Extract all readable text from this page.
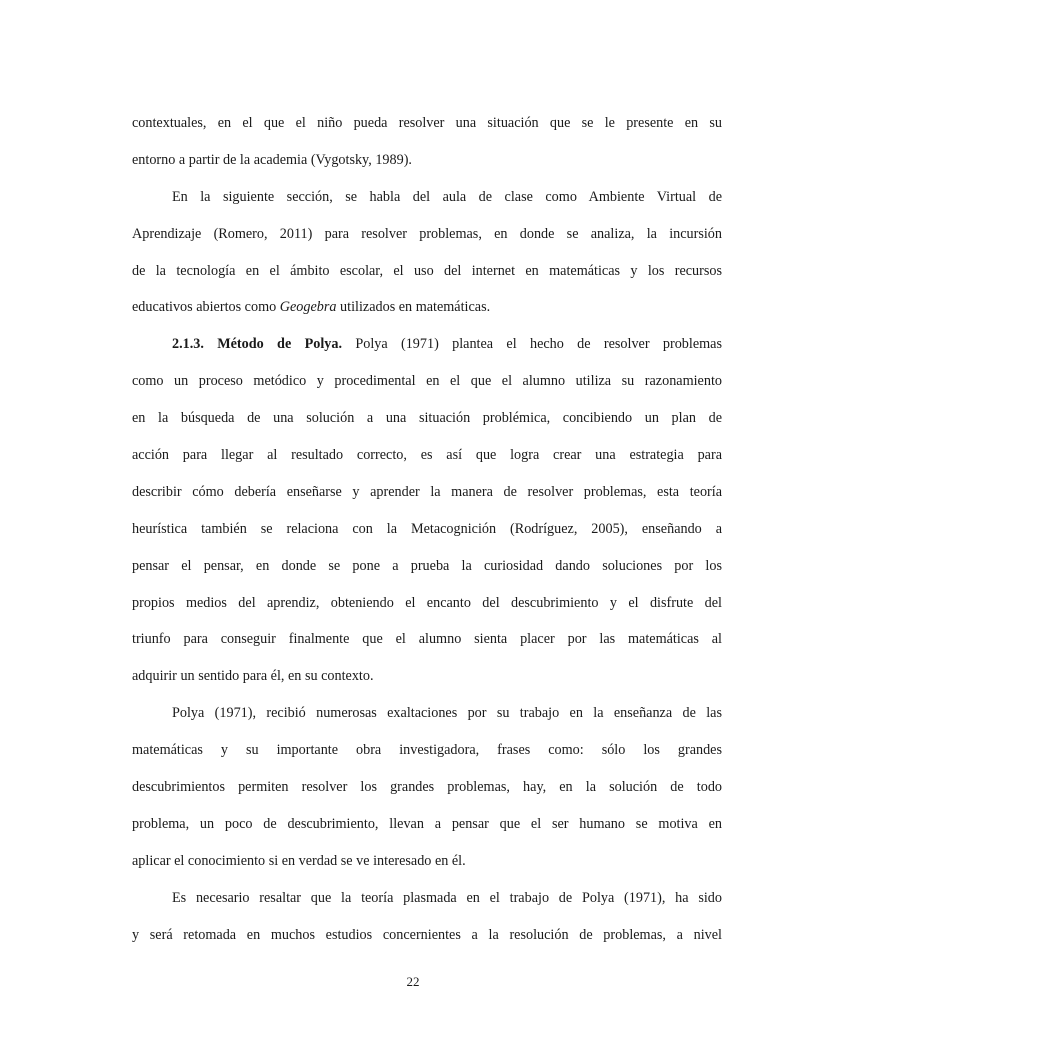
contextuales, en el que el niño pueda resolver una situación que se le presente en su
entorno a partir de la academia (Vygotsky, 1989).
En la siguiente sección, se habla del aula de clase como Ambiente Virtual de
Aprendizaje (Romero, 2011) para resolver problemas, en donde se analiza, la incursión
de la tecnología en el ámbito escolar, el uso del internet en matemáticas y los recursos
educativos abiertos como Geogebra utilizados en matemáticas.
2.1.3. Método de Polya. Polya (1971) plantea el hecho de resolver problemas
como un proceso metódico y procedimental en el que el alumno utiliza su razonamiento
en la búsqueda de una solución a una situación problémica, concibiendo un plan de
acción para llegar al resultado correcto, es así que logra crear una estrategia para
describir cómo debería enseñarse y aprender la manera de resolver problemas, esta teoría
heurística también se relaciona con la Metacognición (Rodríguez, 2005), enseñando a
pensar el pensar, en donde se pone a prueba la curiosidad dando soluciones por los
propios medios del aprendiz, obteniendo el encanto del descubrimiento y el disfrute del
triunfo para conseguir finalmente que el alumno sienta placer por las matemáticas al
adquirir un sentido para él, en su contexto.
Polya (1971), recibió numerosas exaltaciones por su trabajo en la enseñanza de las
matemáticas y su importante obra investigadora, frases como: sólo los grandes
descubrimientos permiten resolver los grandes problemas, hay, en la solución de todo
problema, un poco de descubrimiento, llevan a pensar que el ser humano se motiva en
aplicar el conocimiento si en verdad se ve interesado en él.
Es necesario resaltar que la teoría plasmada en el trabajo de Polya (1971), ha sido
y será retomada en muchos estudios concernientes a la resolución de problemas, a nivel
22
